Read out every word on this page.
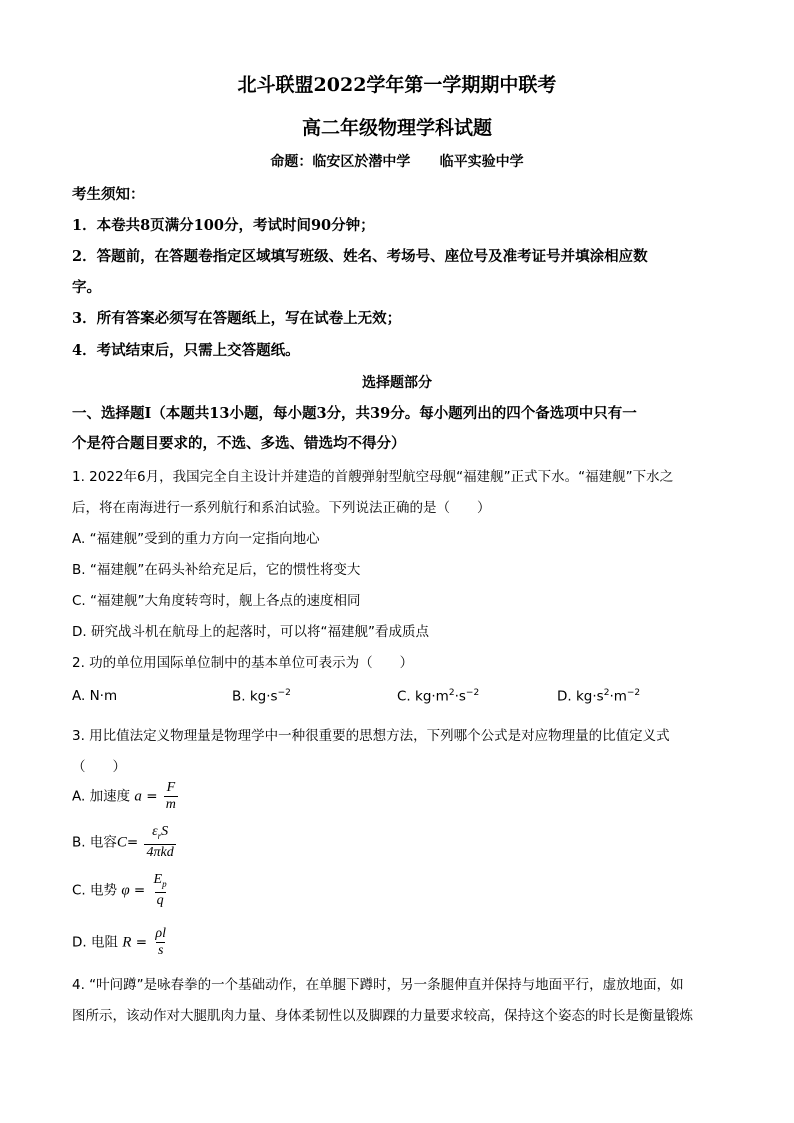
北斗联盟2022学年第一学期期中联考
高二年级物理学科试题
命题：临安区於潜中学      临平实验中学
考生须知：
1．本卷共8页满分100分，考试时间90分钟；
2．答题前，在答题卷指定区域填写班级、姓名、考场号、座位号及准考证号并填涂相应数
字。
3．所有答案必须写在答题纸上，写在试卷上无效；
4．考试结束后，只需上交答题纸。
选择题部分
一、选择题Ⅰ（本题共13小题，每小题3分，共39分。每小题列出的四个备选项中只有一
个是符合题目要求的，不选、多选、错选均不得分）
1. 2022年6月，我国完全自主设计并建造的首艘弹射型航空母舰“福建舰”正式下水。“福建舰”下水之
后，将在南海进行一系列航行和系泊试验。下列说法正确的是（　　）
A. “福建舰”受到的重力方向一定指向地心
B. “福建舰”在码头补给充足后，它的惯性将变大
C. “福建舰”大角度转弯时，舰上各点的速度相同
D. 研究战斗机在航母上的起落时，可以将“福建舰”看成质点
2. 功的单位用国际单位制中的基本单位可表示为（　　）
A. N·m	B. $kg\cdot s^{-2}$	C. $kg\cdot m^2\cdot s^{-2}$	D. $kg\cdot s^2\cdot m^{-2}$
3. 用比值法定义物理量是物理学中一种很重要的思想方法，下列哪个公式是对应物理量的比值定义式
（　　）
A. 加速度 $a = \frac{F}{m}$
B. 电容$C= \frac{\varepsilon_rS}{\text{4πkd}}$
C. 电势 $\varphi = \frac{E_p}{q}$
D. 电阻 $R = \frac{\rho l}{s}$
4. “叶问蹲”是咏春拳的一个基础动作，在单腿下蹲时，另一条腿伸直并保持与地面平行，虚放地面，如
图所示，该动作对大腿肌肉力量、身体柔韧性以及脚踝的力量要求较高，保持这个姿态的时长是衡量锻炼
